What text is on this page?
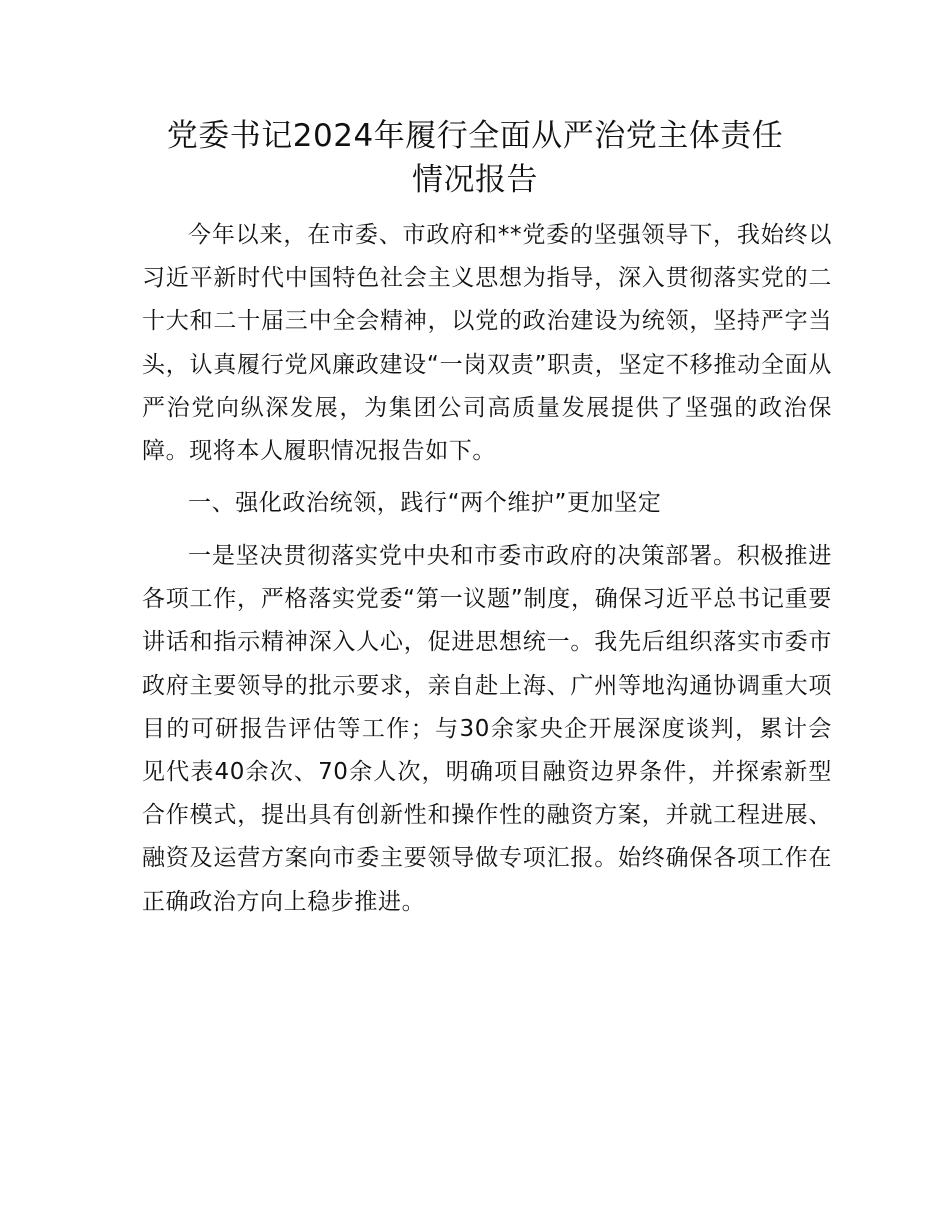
党委书记2024年履行全面从严治党主体责任
情况报告

今年以来，在市委、市政府和**党委的坚强领导下，我始终以习近平新时代中国特色社会主义思想为指导，深入贯彻落实党的二十大和二十届三中全会精神，以党的政治建设为统领，坚持严字当头，认真履行党风廉政建设“一岗双责”职责，坚定不移推动全面从严治党向纵深发展，为集团公司高质量发展提供了坚强的政治保障。现将本人履职情况报告如下。

一、强化政治统领，践行“两个维护”更加坚定

一是坚决贯彻落实党中央和市委市政府的决策部署。积极推进各项工作，严格落实党委“第一议题”制度，确保习近平总书记重要讲话和指示精神深入人心，促进思想统一。我先后组织落实市委市政府主要领导的批示要求，亲自赴上海、广州等地沟通协调重大项目的可研报告评估等工作；与30余家央企开展深度谈判，累计会见代表40余次、70余人次，明确项目融资边界条件，并探索新型合作模式，提出具有创新性和操作性的融资方案，并就工程进展、融资及运营方案向市委主要领导做专项汇报。始终确保各项工作在正确政治方向上稳步推进。
